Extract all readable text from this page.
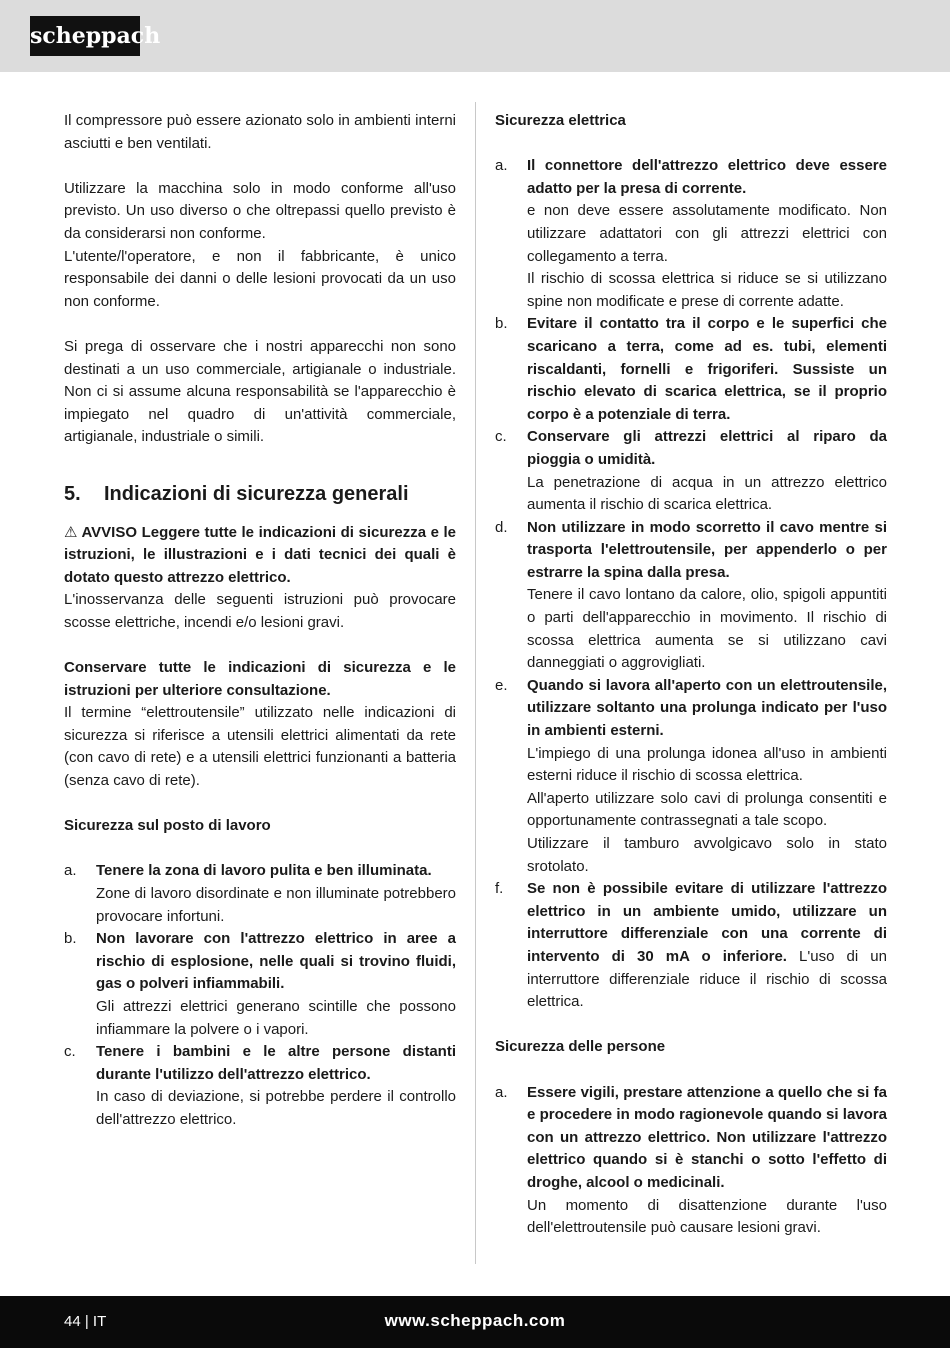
scheppach

Il compressore può essere azionato solo in ambienti interni asciutti e ben ventilati.

Utilizzare la macchina solo in modo conforme all'uso previsto. Un uso diverso o che oltrepassi quello previsto è da considerarsi non conforme.

L'utente/l'operatore, e non il fabbricante, è unico responsabile dei danni o delle lesioni provocati da un uso non conforme.

Si prega di osservare che i nostri apparecchi non sono destinati a un uso commerciale, artigianale o industriale. Non ci si assume alcuna responsabilità se l'apparecchio è impiegato nel quadro di un'attività commerciale, artigianale, industriale o simili.

5.	Indicazioni di sicurezza generali

⚠ AVVISO Leggere tutte le indicazioni di sicurezza e le istruzioni, le illustrazioni e i dati tecnici dei quali è dotato questo attrezzo elettrico.

L'inosservanza delle seguenti istruzioni può provocare scosse elettriche, incendi e/o lesioni gravi.

Conservare tutte le indicazioni di sicurezza e le istruzioni per ulteriore consultazione.

Il termine “elettroutensile” utilizzato nelle indicazioni di sicurezza si riferisce a utensili elettrici alimentati da rete (con cavo di rete) e a utensili elettrici funzionanti a batteria (senza cavo di rete).

Sicurezza sul posto di lavoro

a.	Tenere la zona di lavoro pulita e ben illuminata.

Zone di lavoro disordinate e non illuminate potrebbero provocare infortuni.

b.	Non lavorare con l'attrezzo elettrico in aree a rischio di esplosione, nelle quali si trovino fluidi, gas o polveri infiammabili.

Gli attrezzi elettrici generano scintille che possono infiammare la polvere o i vapori.

c.	Tenere i bambini e le altre persone distanti durante l'utilizzo dell'attrezzo elettrico.

In caso di deviazione, si potrebbe perdere il controllo dell'attrezzo elettrico.

Sicurezza elettrica

a.	Il connettore dell'attrezzo elettrico deve essere adatto per la presa di corrente.

e non deve essere assolutamente modificato. Non utilizzare adattatori con gli attrezzi elettrici con collegamento a terra.

Il rischio di scossa elettrica si riduce se si utilizzano spine non modificate e prese di corrente adatte.

b.	Evitare il contatto tra il corpo e le superfici che scaricano a terra, come ad es. tubi, elementi riscaldanti, fornelli e frigoriferi. Sussiste un rischio elevato di scarica elettrica, se il proprio corpo è a potenziale di terra.

c.	Conservare gli attrezzi elettrici al riparo da pioggia o umidità.

La penetrazione di acqua in un attrezzo elettrico aumenta il rischio di scarica elettrica.

d.	Non utilizzare in modo scorretto il cavo mentre si trasporta l'elettroutensile, per appenderlo o per estrarre la spina dalla presa.

Tenere il cavo lontano da calore, olio, spigoli appuntiti o parti dell'apparecchio in movimento. Il rischio di scossa elettrica aumenta se si utilizzano cavi danneggiati o aggrovigliati.

e.	Quando si lavora all'aperto con un elettroutensile, utilizzare soltanto una prolunga indicato per l'uso in ambienti esterni.

L'impiego di una prolunga idonea all'uso in ambienti esterni riduce il rischio di scossa elettrica.

All'aperto utilizzare solo cavi di prolunga consentiti e opportunamente contrassegnati a tale scopo.

Utilizzare il tamburo avvolgicavo solo in stato srotolato.

f.	Se non è possibile evitare di utilizzare l'attrezzo elettrico in un ambiente umido, utilizzare un interruttore differenziale con una corrente di intervento di 30 mA o inferiore. L'uso di un interruttore differenziale riduce il rischio di scossa elettrica.

Sicurezza delle persone

a.	Essere vigili, prestare attenzione a quello che si fa e procedere in modo ragionevole quando si lavora con un attrezzo elettrico. Non utilizzare l'attrezzo elettrico quando si è stanchi o sotto l'effetto di droghe, alcool o medicinali.

Un momento di disattenzione durante l'uso dell'elettroutensile può causare lesioni gravi.

44 | IT	www.scheppach.com
